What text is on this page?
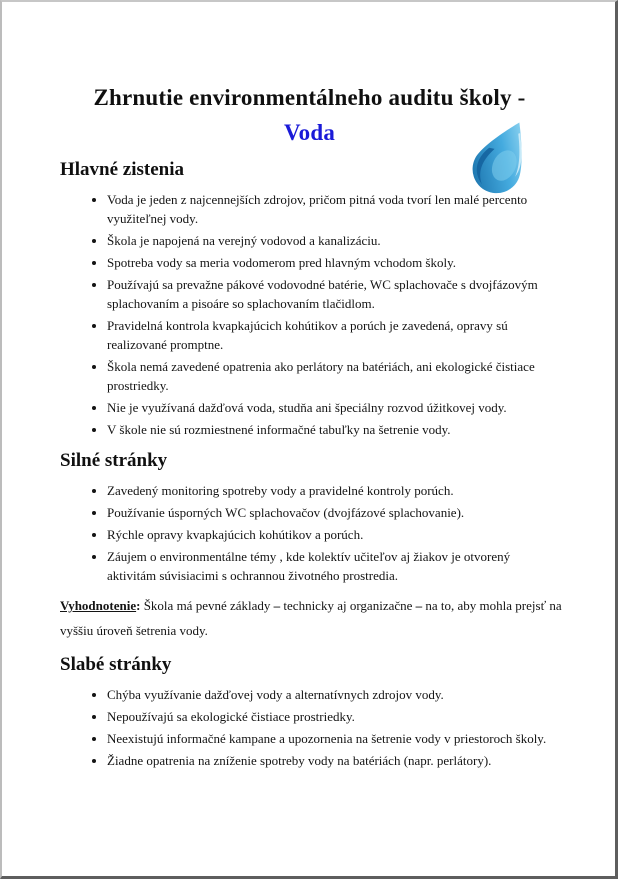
Zhrnutie environmentálneho auditu školy -
Voda
Hlavné zistenia
• Voda je jeden z najcennejších zdrojov, pričom pitná voda tvorí len malé percento využiteľnej vody.
• Škola je napojená na verejný vodovod a kanalizáciu.
• Spotreba vody sa meria vodomerom pred hlavným vchodom školy.
• Používajú sa prevažne pákové vodovodné batérie, WC splachovače s dvojfázovým splachovaním a pisoáre so splachovaním tlačidlom.
• Pravidelná kontrola kvapkajúcich kohútikov a porúch je zavedená, opravy sú realizované promptne.
• Škola nemá zavedené opatrenia ako perlátory na batériách, ani ekologické čistiace prostriedky.
• Nie je využívaná dažďová voda, studňa ani špeciálny rozvod úžitkovej vody.
• V škole nie sú rozmiestnené informačné tabuľky na šetrenie vody.
Silné stránky
• Zavedený monitoring spotreby vody a pravidelné kontroly porúch.
• Používanie úsporných WC splachovačov (dvojfázové splachovanie).
• Rýchle opravy kvapkajúcich kohútikov a porúch.
• Záujem o environmentálne témy , kde kolektív učiteľov aj žiakov je otvorený aktivitám súvisiacimi s ochrannou životného prostredia.

Vyhodnotenie: Škola má pevné základy – technicky aj organizačne – na to, aby mohla prejsť na vyššiu úroveň šetrenia vody.

Slabé stránky
• Chýba využívanie dažďovej vody a alternatívnych zdrojov vody.
• Nepoužívajú sa ekologické čistiace prostriedky.
• Neexistujú informačné kampane a upozornenia na šetrenie vody v priestoroch školy.
• Žiadne opatrenia na zníženie spotreby vody na batériách (napr. perlátory).
